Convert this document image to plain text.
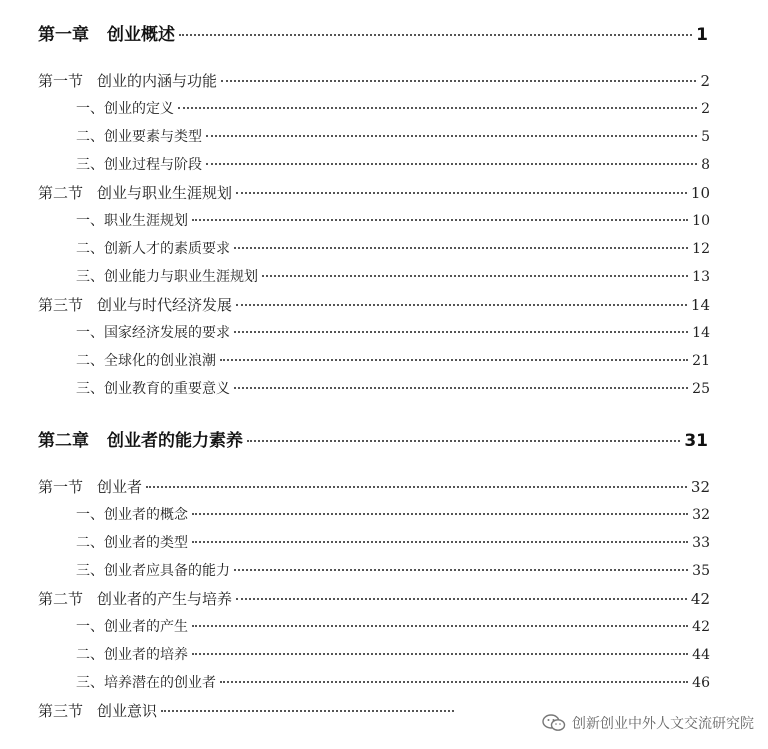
第一章 创业概述	1
第一节 创业的内涵与功能	2
一、创业的定义	2
二、创业要素与类型	5
三、创业过程与阶段	8
第二节 创业与职业生涯规划	10
一、职业生涯规划	10
二、创新人才的素质要求	12
三、创业能力与职业生涯规划	13
第三节 创业与时代经济发展	14
一、国家经济发展的要求	14
二、全球化的创业浪潮	21
三、创业教育的重要意义	25
第二章 创业者的能力素养	31
第一节 创业者	32
一、创业者的概念	32
二、创业者的类型	33
三、创业者应具备的能力	35
第二节 创业者的产生与培养	42
一、创业者的产生	42
二、创业者的培养	44
三、培养潜在的创业者	46
第三节 创业意识
创新创业中外人文交流研究院
